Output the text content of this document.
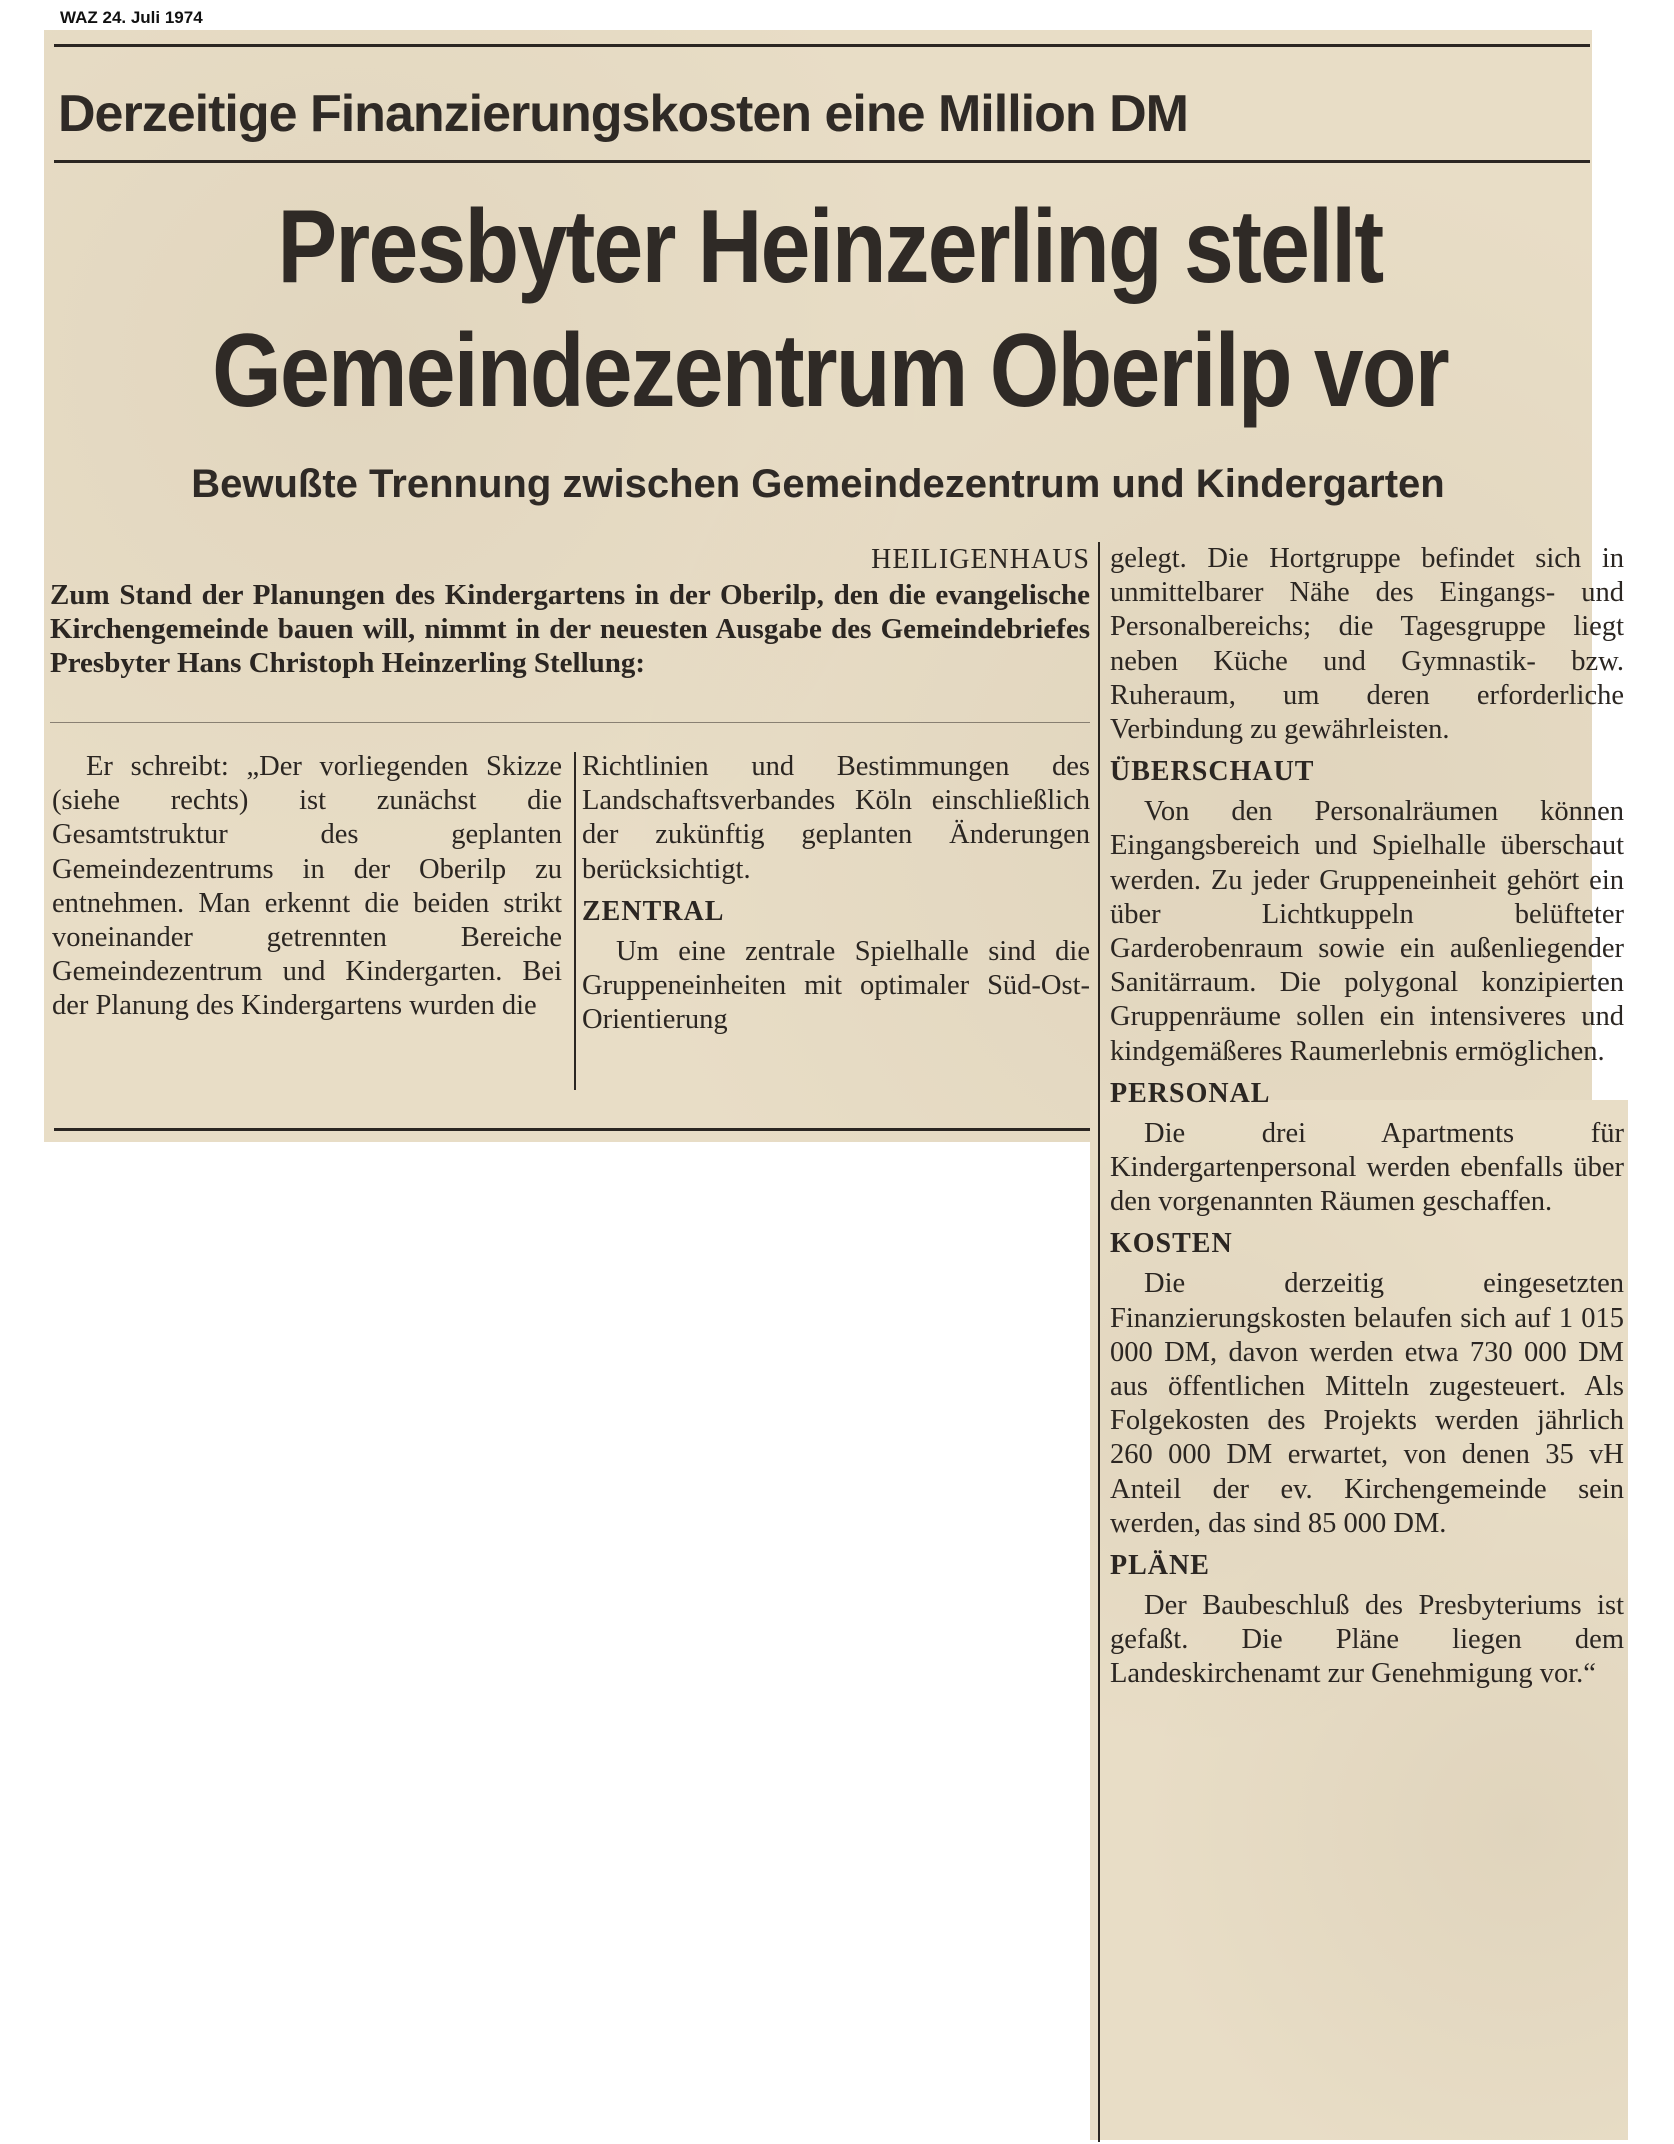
WAZ 24. Juli 1974
Derzeitige Finanzierungskosten eine Million DM
Presbyter Heinzerling stellt
Gemeindezentrum Oberilp vor
Bewußte Trennung zwischen Gemeindezentrum und Kindergarten
HEILIGENHAUS

Zum Stand der Planungen des Kindergartens in der Oberilp, den die evangelische Kirchengemeinde bauen will, nimmt in der neuesten Ausgabe des Gemeindebriefes Presbyter Hans Christoph Heinzerling Stellung:

Er schreibt: „Der vorliegenden Skizze (siehe rechts) ist zunächst die Gesamtstruktur des geplanten Gemeindezentrums in der Oberilp zu entnehmen. Man erkennt die beiden strikt voneinander getrennten Bereiche Gemeindezentrum und Kindergarten. Bei der Planung des Kindergartens wurden die

Richtlinien und Bestimmungen des Landschaftsverbandes Köln einschließlich der zukünftig geplanten Änderungen berücksichtigt.

ZENTRAL

Um eine zentrale Spielhalle sind die Gruppeneinheiten mit optimaler Süd-Ost-Orientierung

gelegt. Die Hortgruppe befindet sich in unmittelbarer Nähe des Eingangs- und Personalbereichs; die Tagesgruppe liegt neben Küche und Gymnastik- bzw. Ruheraum, um deren erforderliche Verbindung zu gewährleisten.

ÜBERSCHAUT

Von den Personalräumen können Eingangsbereich und Spielhalle überschaut werden. Zu jeder Gruppeneinheit gehört ein über Lichtkuppeln belüfteter Garderobenraum sowie ein außenliegender Sanitärraum. Die polygonal konzipierten Gruppenräume sollen ein intensiveres und kindgemäßeres Raumerlebnis ermöglichen.

PERSONAL

Die drei Apartments für Kindergartenpersonal werden ebenfalls über den vorgenannten Räumen geschaffen.

KOSTEN

Die derzeitig eingesetzten Finanzierungskosten belaufen sich auf 1 015 000 DM, davon werden etwa 730 000 DM aus öffentlichen Mitteln zugesteuert. Als Folgekosten des Projekts werden jährlich 260 000 DM erwartet, von denen 35 vH Anteil der ev. Kirchengemeinde sein werden, das sind 85 000 DM.

PLÄNE

Der Baubeschluß des Presbyteriums ist gefaßt. Die Pläne liegen dem Landeskirchenamt zur Genehmigung vor.“
